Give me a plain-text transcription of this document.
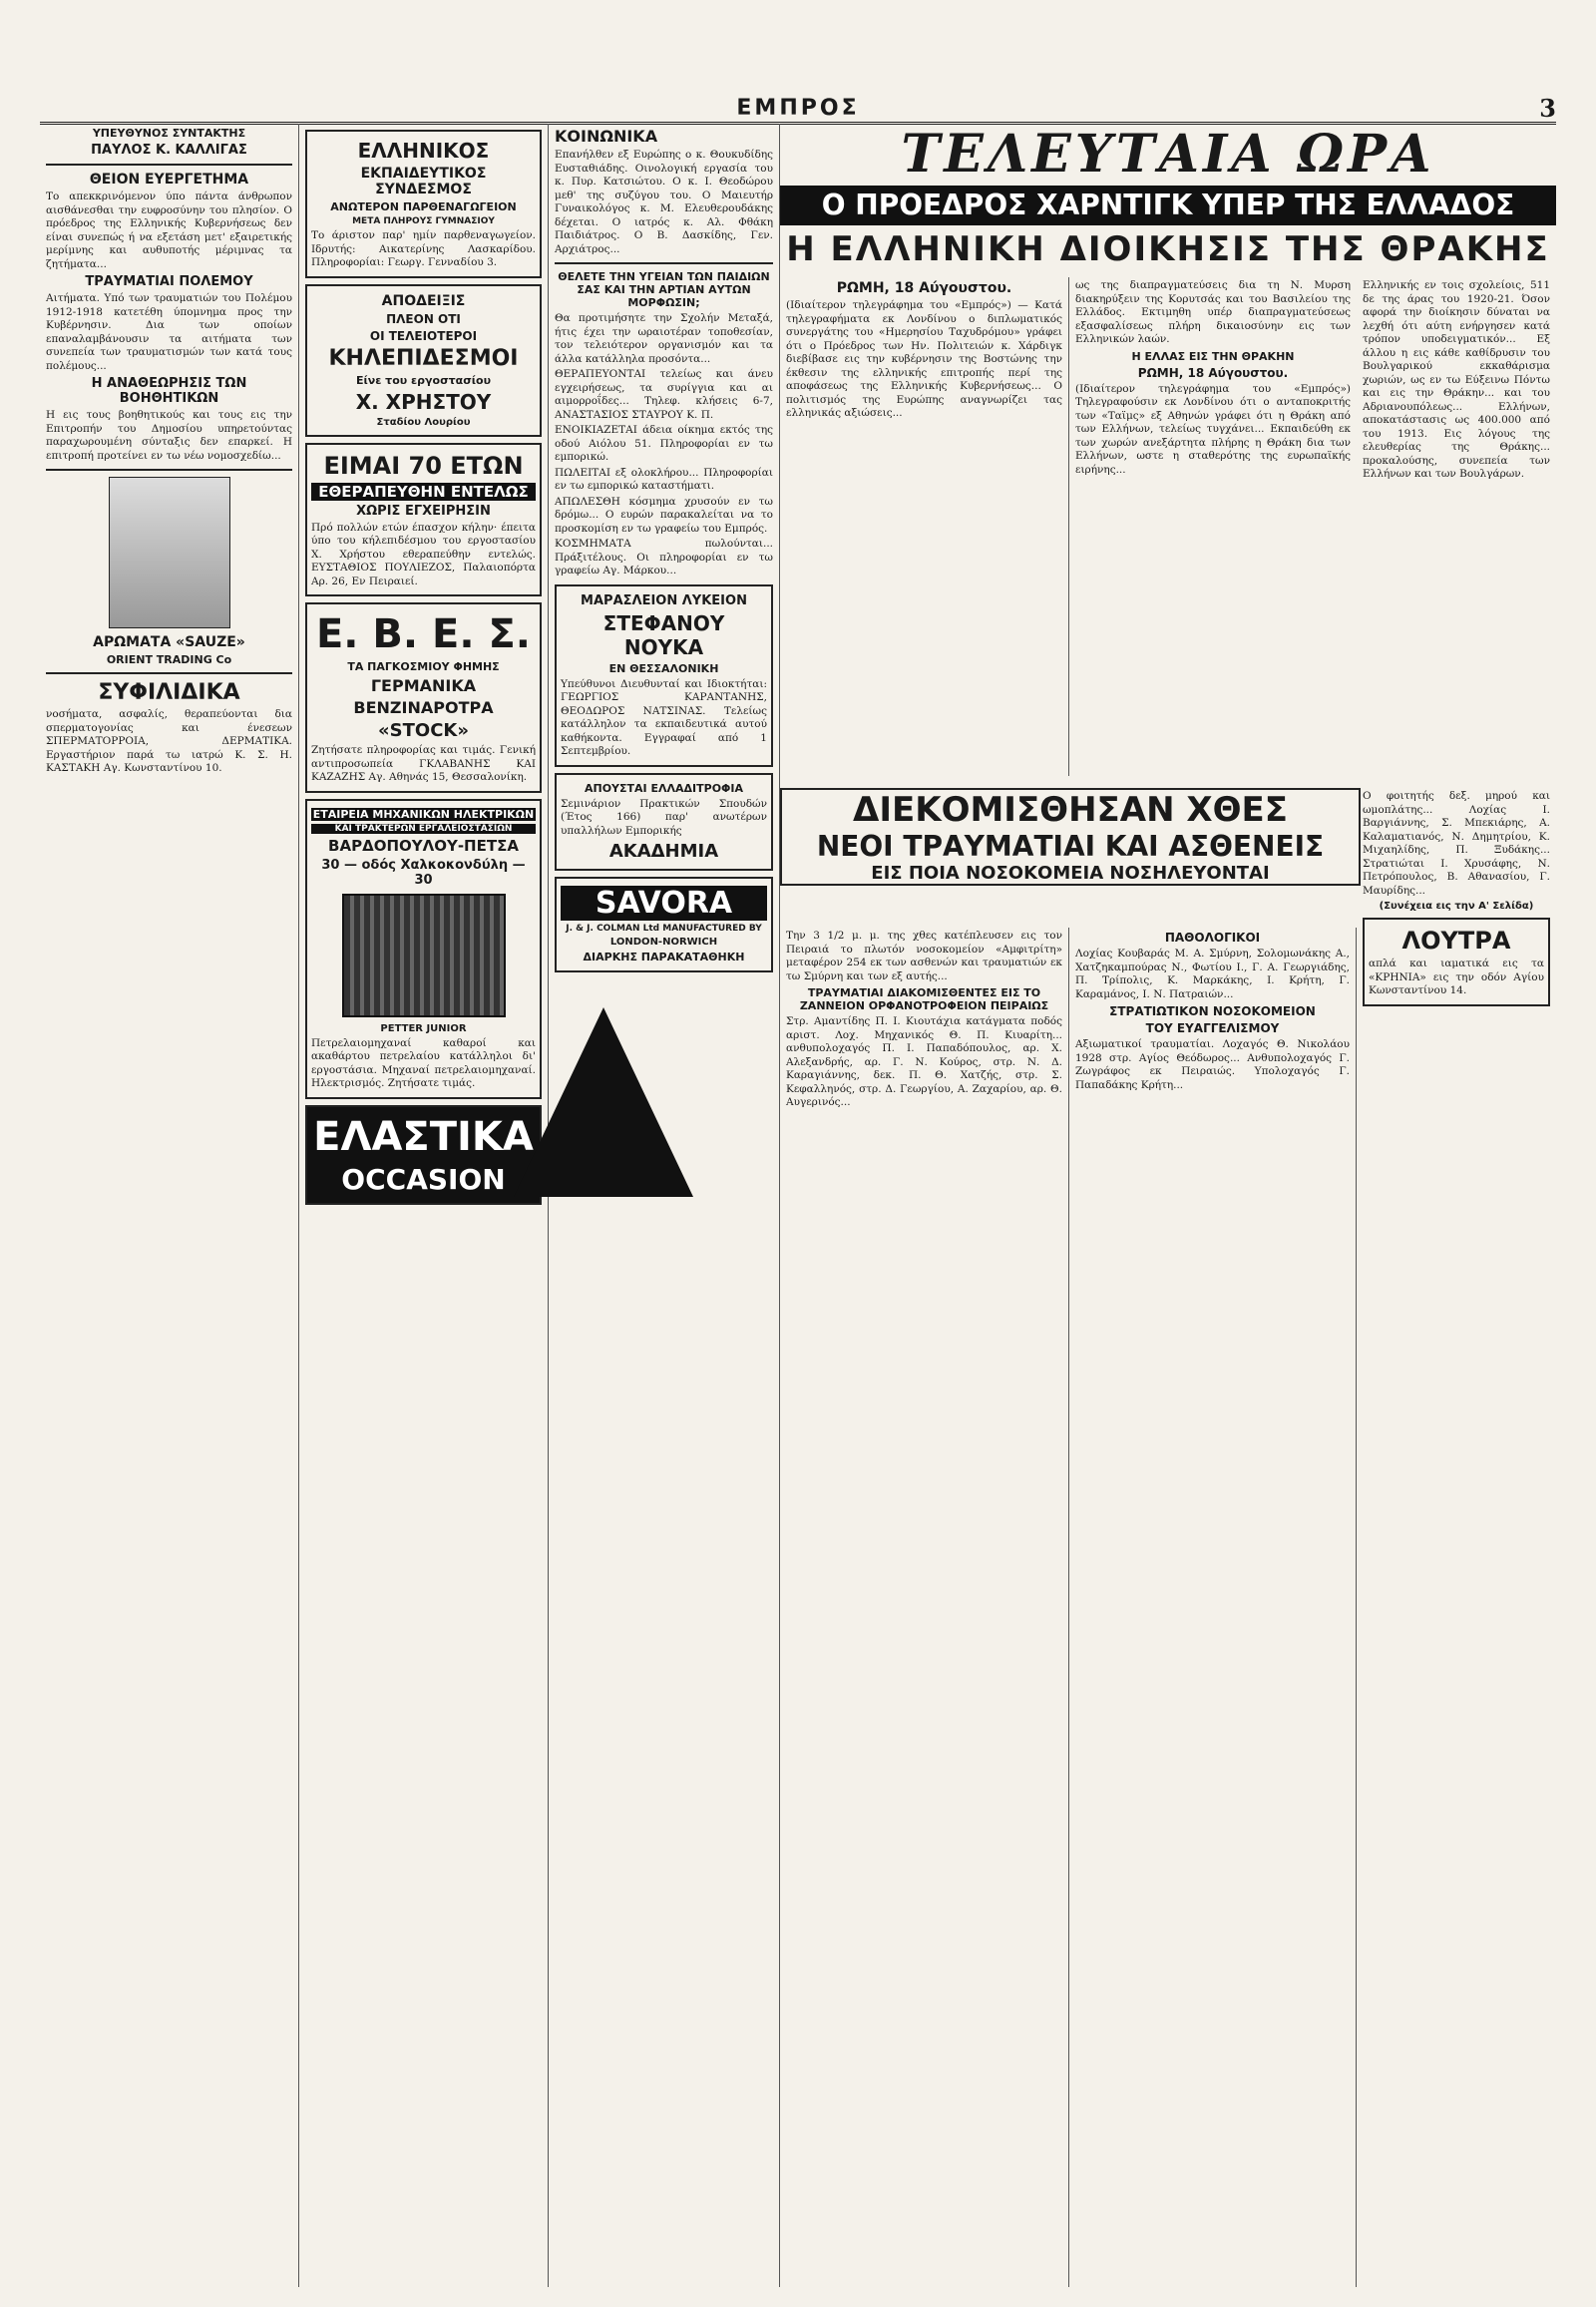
ΕΜΠΡΟΣ	3
ΥΠΕΥΘΥΝΟΣ ΣΥΝΤΑΚΤΗΣ
ΠΑΥΛΟΣ Κ. ΚΑΛΛΙΓΑΣ
ΘΕΙΟΝ ΕΥΕΡΓΕΤΗΜΑ

Το απεκκρινόμενον ύπο πάντα άνθρωπον αισθάνεσθαι την ευφροσύνην του πλησίον. Ο πρόεδρος της Ελληνικής Κυβερνήσεως δεν είναι συνεπώς ή να εξετάση μετ' εξαιρετικής μερίμνης και αυθυποτής μέριμνας τα ζητήματα...

ΤΡΑΥΜΑΤΙΑΙ ΠΟΛΕΜΟΥ

Αιτήματα. Υπό των τραυματιών του Πολέμου 1912-1918 κατετέθη ύπομνημα προς την Κυβέρνησιν. Δια των οποίων επαναλαμβάνουσιν τα αιτήματα των συνεπεία των τραυματισμών των κατά τους πολέμους...

Η ΑΝΑΘΕΩΡΗΣΙΣ ΤΩΝ ΒΟΗΘΗΤΙΚΩΝ

Η εις τους βοηθητικούς και τους εις την Επιτροπήν του Δημοσίου υπηρετούντας παραχωρουμένη σύνταξις δεν επαρκεί. Η επιτροπή προτείνει εν τω νέω νομοσχεδίω...

ΑΡΩΜΑΤΑ «SAUZE»
ORIENT TRADING Co
ΣΥΦΙΛΙΔΙΚΑ

νοσήματα, ασφαλίς, θεραπεύονται δια σπερματογονίας και ένεσεων ΣΠΕΡΜΑΤΟΡΡΟΙΑ, ΔΕΡΜΑΤΙΚΑ. Εργαστήριον παρά τω ιατρώ Κ. Σ. Η. ΚΑΣΤΑΚΗ Αγ. Κωνσταντίνου 10.

ΕΛΛΗΝΙΚΟΣ
ΕΚΠΑΙΔΕΥΤΙΚΟΣ ΣΥΝΔΕΣΜΟΣ
ΑΝΩΤΕΡΟΝ ΠΑΡΘΕΝΑΓΩΓΕΙΟΝ
ΜΕΤΑ ΠΛΗΡΟΥΣ ΓΥΜΝΑΣΙΟΥ

Το άριστον παρ' ημίν παρθεναγωγείον. Ιδρυτής: Αικατερίνης Λασκαρίδου. Πληροφορίαι: Γεωργ. Γενναδίου 3.

ΑΠΟΔΕΙΞΙΣ
ΠΛΕΟΝ ΟΤΙ
ΟΙ ΤΕΛΕΙΟΤΕΡΟΙ
ΚΗΛΕΠΙΔΕΣΜΟΙ
Είνε του εργοστασίου
Χ. ΧΡΗΣΤΟΥ
Σταδίου Λουρίου
ΕΙΜΑΙ 70 ΕΤΩΝ
ΕΘΕΡΑΠΕΥΘΗΝ ΕΝΤΕΛΩΣ
ΧΩΡΙΣ ΕΓΧΕΙΡΗΣΙΝ

Πρό πολλών ετών έπασχον κήλην· έπειτα ύπο του κήλεπιδέσμου του εργοστασίου Χ. Χρήστου εθεραπεύθην εντελώς. ΕΥΣΤΑΘΙΟΣ ΠΟΥΛΙΕΖΟΣ, Παλαιοπόρτα Αρ. 26, Εν Πειραιεί.

Ε. Β. Ε. Σ.
ΤΑ ΠΑΓΚΟΣΜΙΟΥ ΦΗΜΗΣ
ΓΕΡΜΑΝΙΚΑ
ΒΕΝΖΙΝΑΡΟΤΡΑ
«STOCK»

Ζητήσατε πληροφορίας και τιμάς. Γενική αντιπροσωπεία ΓΚΛΑΒΑΝΗΣ ΚΑΙ ΚΑΖΑΖΗΣ Αγ. Αθηνάς 15, Θεσσαλονίκη.

ΕΤΑΙΡΕΙΑ ΜΗΧΑΝΙΚΩΝ ΗΛΕΚΤΡΙΚΩΝ
ΚΑΙ ΤΡΑΚΤΕΡΩΝ ΕΡΓΑΛΕΙΟΣΤΑΣΙΩΝ
ΒΑΡΔΟΠΟΥΛΟΥ-ΠΕΤΣΑ
30 — οδός Χαλκοκονδύλη — 30
PETTER JUNIOR

Πετρελαιομηχαναί καθαροί και ακαθάρτου πετρελαίου κατάλληλοι δι' εργοστάσια. Μηχαναί πετρελαιομηχαναί. Ηλεκτρισμός. Ζητήσατε τιμάς.

ΕΛΑΣΤΙΚΑ
OCCASION
ΚΟΙΝΩΝΙΚΑ

Επανήλθεν εξ Ευρώπης ο κ. Θουκυδίδης Ευσταθιάδης. Οινολογική εργασία του κ. Πυρ. Κατσιώτου. Ο κ. Ι. Θεοδώρου μεθ' της συζύγου του. Ο Μαιευτήρ Γυναικολόγος κ. Μ. Ελευθερουδάκης δέχεται. Ο ιατρός κ. Αλ. Φθάκη Παιδιάτρος. Ο Β. Δασκίδης, Γεν. Αρχιάτρος...

ΘΕΛΕΤΕ ΤΗΝ ΥΓΕΙΑΝ ΤΩΝ ΠΑΙΔΙΩΝ ΣΑΣ ΚΑΙ ΤΗΝ ΑΡΤΙΑΝ ΑΥΤΩΝ ΜΟΡΦΩΣΙΝ;

Θα προτιμήσητε την Σχολήν Μεταξά, ήτις έχει την ωραιοτέραν τοποθεσίαν, τον τελειότερον οργανισμόν και τα άλλα κατάλληλα προσόντα...

ΘΕΡΑΠΕΥΟΝΤΑΙ τελείως και άνευ εγχειρήσεως, τα συρίγγια και αι αιμορροΐδες... Τηλεφ. κλήσεις 6-7, ΑΝΑΣΤΑΣΙΟΣ ΣΤΑΥΡΟΥ Κ. Π.

ΕΝΟΙΚΙΑΖΕΤΑΙ άδεια οίκημα εκτός της οδού Αιόλου 51. Πληροφορίαι εν τω εμπορικώ.

ΠΩΛΕΙΤΑΙ εξ ολοκλήρου... Πληροφορίαι εν τω εμπορικώ καταστήματι.

ΑΠΩΛΕΣΘΗ κόσμημα χρυσούν εν τω δρόμω... Ο ευρών παρακαλείται να το προσκομίση εν τω γραφείω του Εμπρός.

ΚΟΣΜΗΜΑΤΑ πωλούνται... Πράξιτέλους. Οι πληροφορίαι εν τω γραφείω Αγ. Μάρκου...

ΜΑΡΑΣΛΕΙΟΝ ΛΥΚΕΙΟΝ
ΣΤΕΦΑΝΟΥ ΝΟΥΚΑ
ΕΝ ΘΕΣΣΑΛΟΝΙΚΗ

Υπεύθυνοι Διευθυνταί και Ιδιοκτήται: ΓΕΩΡΓΙΟΣ ΚΑΡΑΝΤΑΝΗΣ, ΘΕΟΔΩΡΟΣ ΝΑΤΣΙΝΑΣ. Τελείως κατάλληλον τα εκπαιδευτικά αυτού καθήκοντα. Εγγραφαί από 1 Σεπτεμβρίου.

ΑΠΟΥΣΤΑΙ ΕΛΛΑΔΙΤΡΟΦΙΑ

Σεμινάριον Πρακτικών Σπουδών (Έτος 166) παρ' ανωτέρων υπαλλήλων Εμπορικής

ΑΚΑΔΗΜΙΑ
SAVORA
J. & J. COLMAN Ltd MANUFACTURED BY
LONDON-NORWICH
ΔΙΑΡΚΗΣ ΠΑΡΑΚΑΤΑΘΗΚΗ
ΤΕΛΕΥΤΑΙΑ ΩΡΑ
Ο ΠΡΟΕΔΡΟΣ ΧΑΡΝΤΙΓΚ ΥΠΕΡ ΤΗΣ ΕΛΛΑΔΟΣ
Η ΕΛΛΗΝΙΚΗ ΔΙΟΙΚΗΣΙΣ ΤΗΣ ΘΡΑΚΗΣ
ΡΩΜΗ, 18 Αύγουστου.

(Ιδιαίτερον τηλεγράφημα του «Εμπρός») — Κατά τηλεγραφήματα εκ Λονδίνου ο διπλωματικός συνεργάτης του «Ημερησίου Ταχυδρόμου» γράφει ότι ο Πρόεδρος των Ην. Πολιτειών κ. Χάρδιγκ διεβίβασε εις την κυβέρνησιν της Βοστώνης την έκθεσιν της ελληνικής επιτροπής περί της αποφάσεως της Ελληνικής Κυβερνήσεως... Ο πολιτισμός της Ευρώπης αναγνωρίζει τας ελληνικάς αξιώσεις...

ως της διαπραγματεύσεις δια τη Ν. Μυρση διακηρύξειν της Κορυτσάς και του Βασιλείου της Ελλάδος. Εκτιμηθη υπέρ διαπραγματεύσεως εξασφαλίσεως πλήρη δικαιοσύνην εις των Ελληνικών λαών.

Η ΕΛΛΑΣ ΕΙΣ ΤΗΝ ΘΡΑΚΗΝ
ΡΩΜΗ, 18 Αύγουστου.

(Ιδιαίτερον τηλεγράφημα του «Εμπρός») Τηλεγραφούσιν εκ Λονδίνου ότι ο ανταποκριτής των «Ταϊμς» εξ Αθηνών γράφει ότι η Θράκη από των Ελλήνων, τελείως τυγχάνει... Εκπαιδεύθη εκ των χωρών ανεξάρτητα πλήρης η Θράκη δια των Ελλήνων, ωστε η σταθερότης της ευρωπαϊκής ειρήνης...

Ελληνικής εν τοις σχολείοις, 511 δε της άρας του 1920-21. Όσον αφορά την διοίκησιν δύναται να λεχθή ότι αύτη ενήργησεν κατά τρόπον υποδειγματικόν... Εξ άλλου η εις κάθε καθίδρυσιν του Βουλγαρικού εκκαθάρισμα χωριών, ως εν τω Εύξεινω Πόντω και εις την Θράκην... και του Αδριανουπόλεως... Ελλήνων, αποκατάστασις ως 400.000 από του 1913. Εις λόγους της ελευθερίας της Θράκης... προκαλούσης, συνεπεία των Ελλήνων και των Βουλγάρων.

ΔΙΕΚΟΜΙΣΘΗΣΑΝ ΧΘΕΣ
ΝΕΟΙ ΤΡΑΥΜΑΤΙΑΙ ΚΑΙ ΑΣΘΕΝΕΙΣ
ΕΙΣ ΠΟΙΑ ΝΟΣΟΚΟΜΕΙΑ ΝΟΣΗΛΕΥΟΝΤΑΙ

Την 3 1/2 μ. μ. της χθες κατέπλευσεν εις τον Πειραιά το πλωτόν νοσοκομείον «Αμφιτρίτη» μεταφέρον 254 εκ των ασθενών και τραυματιών εκ τω Σμύρνη και των εξ αυτής...

ΤΡΑΥΜΑΤΙΑΙ ΔΙΑΚΟΜΙΣΘΕΝΤΕΣ ΕΙΣ ΤΟ ΖΑΝΝΕΙΟΝ ΟΡΦΑΝΟΤΡΟΦΕΙΟΝ ΠΕΙΡΑΙΩΣ

Στρ. Αμαντίδης Π. Ι. Κιουτάχια κατάγματα ποδός αριστ. Λοχ. Μηχανικός Θ. Π. Κιυαρίτη... ανθυπολοχαγός Π. Ι. Παπαδόπουλος, αρ. Χ. Αλεξανδρής, αρ. Γ. Ν. Κούρος, στρ. Ν. Δ. Καραγιάννης, δεκ. Π. Θ. Χατζής, στρ. Σ. Κεφαλληνός, στρ. Δ. Γεωργίου, Α. Ζαχαρίου, αρ. Θ. Αυγερινός...

ΠΑΘΟΛΟΓΙΚΟΙ

Λοχίας Κουβαράς Μ. Α. Σμύρνη, Σολομωνάκης Α., Χατζηκαμπούρας Ν., Φωτίου Ι., Γ. Α. Γεωργιάδης, Π. Τρίπολις, Κ. Μαρκάκης, Ι. Κρήτη, Γ. Καραμάνος, Ι. Ν. Πατραιών...

ΣΤΡΑΤΙΩΤΙΚΟΝ ΝΟΣΟΚΟΜΕΙΟΝ
ΤΟΥ ΕΥΑΓΓΕΛΙΣΜΟΥ

Αξιωματικοί τραυματίαι. Λοχαγός Θ. Νικολάου 1928 στρ. Αγίος Θεόδωρος... Ανθυπολοχαγός Γ. Ζωγράφος εκ Πειραιώς. Υπολοχαγός Γ. Παπαδάκης Κρήτη...

Ο φοιτητής δεξ. μηρού και ωμοπλάτης... Λοχίας Ι. Βαργιάννης, Σ. Μπεκιάρης, Α. Καλαματιανός, Ν. Δημητρίου, Κ. Μιχαηλίδης, Π. Ξυδάκης... Στρατιώται Ι. Χρυσάφης, Ν. Πετρόπουλος, Β. Αθανασίου, Γ. Μαυρίδης...

(Συνέχεια εις την Α' Σελίδα)
ΛΟΥΤΡΑ

απλά και ιαματικά εις τα «ΚΡΗΝΙΑ» εις την οδόν Αγίου Κωνσταντίνου 14.
